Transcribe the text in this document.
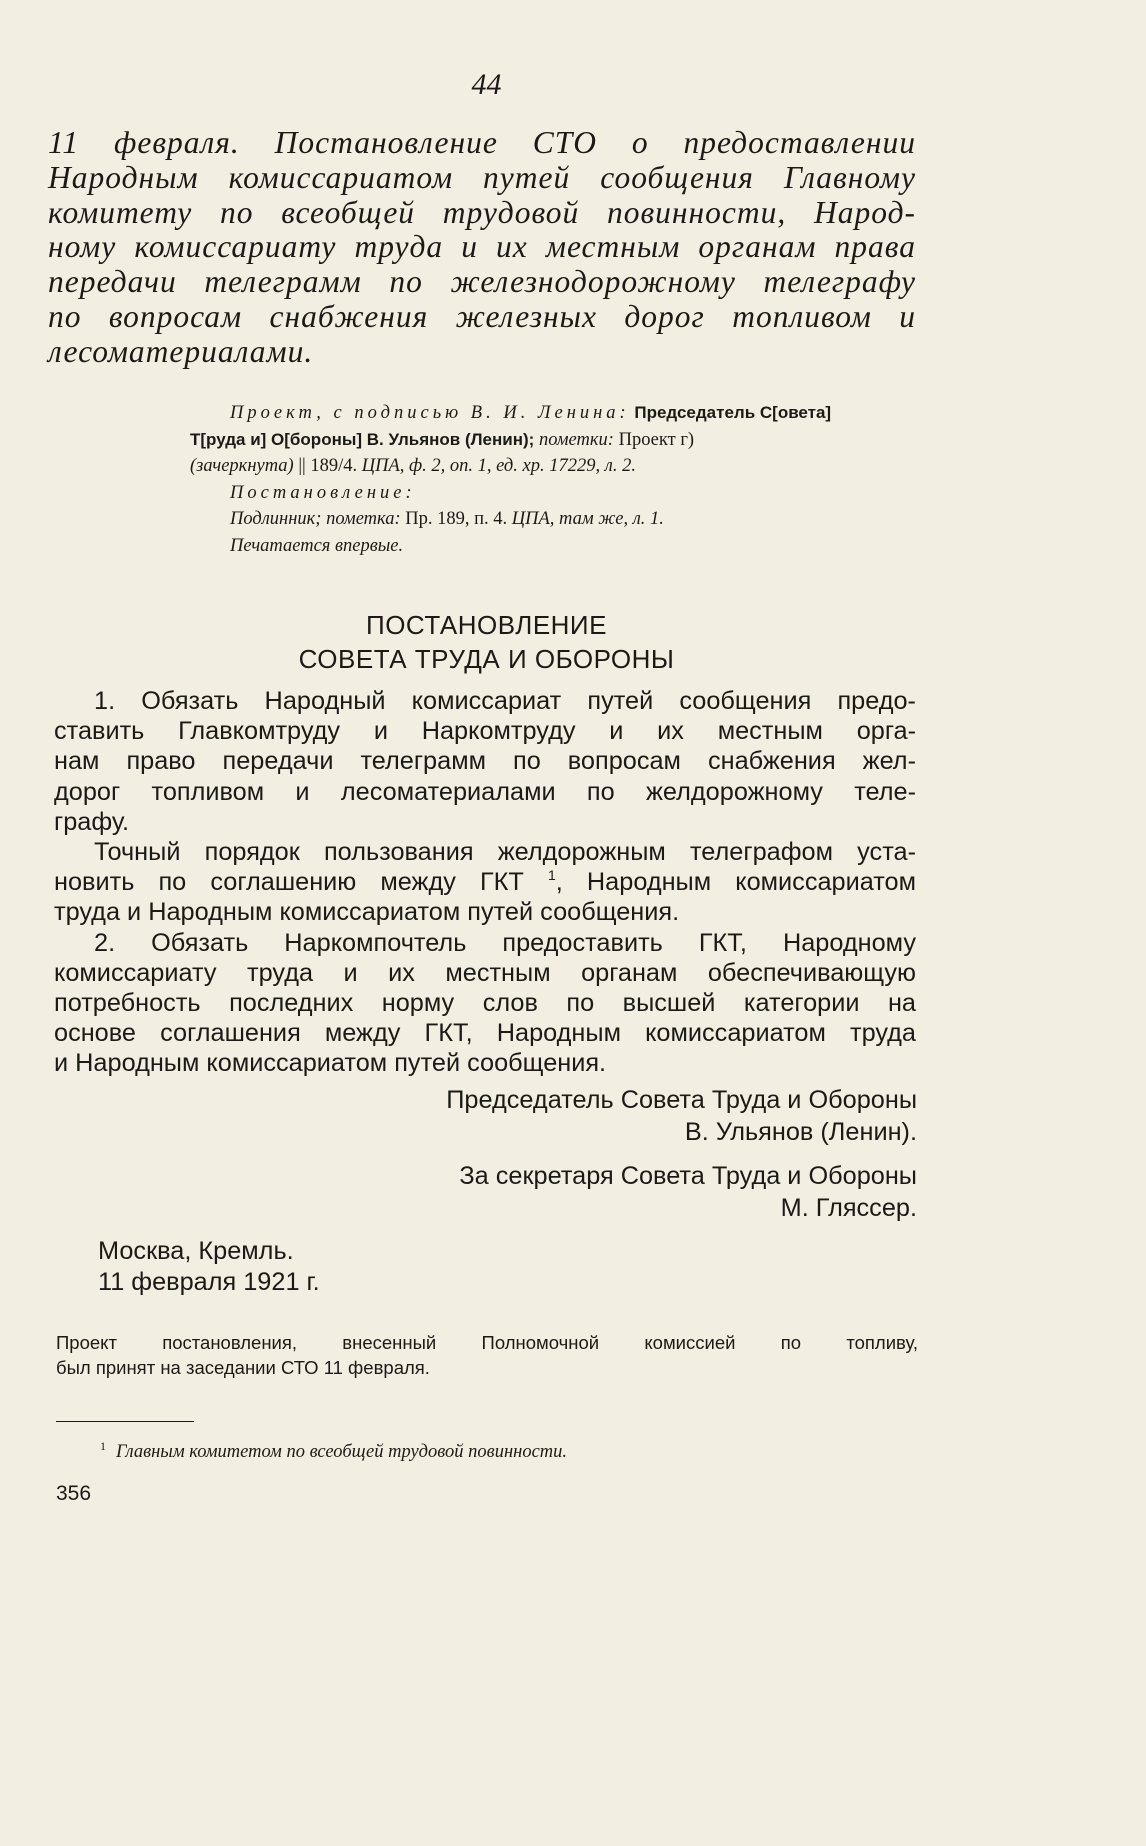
44
11 февраля. Постановление СТО о предоставлении
Народным комиссариатом путей сообщения Главному
комитету по всеобщей трудовой повинности, Народ-
ному комиссариату труда и их местным органам права
передачи телеграмм по железнодорожному телеграфу
по вопросам снабжения железных дорог топливом и
лесоматериалами.
Проект, с подписью В. И. Ленина: Председатель С[овета]
Т[руда и] О[бороны] В. Ульянов (Ленин); пометки: Проект г)
(зачеркнута) || 189/4. ЦПА, ф. 2, оп. 1, ед. хр. 17229, л. 2.
Постановление:
Подлинник; пометка: Пр. 189, п. 4. ЦПА, там же, л. 1.
Печатается впервые.
ПОСТАНОВЛЕНИЕ
СОВЕТА ТРУДА И ОБОРОНЫ
1. Обязать Народный комиссариат путей сообщения предо-
ставить Главкомтруду и Наркомтруду и их местным орга-
нам право передачи телеграмм по вопросам снабжения жел-
дорог топливом и лесоматериалами по желдорожному теле-
графу.
Точный порядок пользования желдорожным телеграфом уста-
новить по соглашению между ГКТ $^1$, Народным комиссариатом
труда и Народным комиссариатом путей сообщения.
2. Обязать Наркомпочтель предоставить ГКТ, Народному
комиссариату труда и их местным органам обеспечивающую
потребность последних норму слов по высшей категории на
основе соглашения между ГКТ, Народным комиссариатом труда
и Народным комиссариатом путей сообщения.
Председатель Совета Труда и Обороны
В. Ульянов (Ленин).
За секретаря Совета Труда и Обороны
М. Гляссер.
Москва, Кремль.
11 февраля 1921 г.
Проект постановления, внесенный Полномочной комиссией по топливу,
был принят на заседании СТО 11 февраля.
$^1$ Главным комитетом по всеобщей трудовой повинности.
356
